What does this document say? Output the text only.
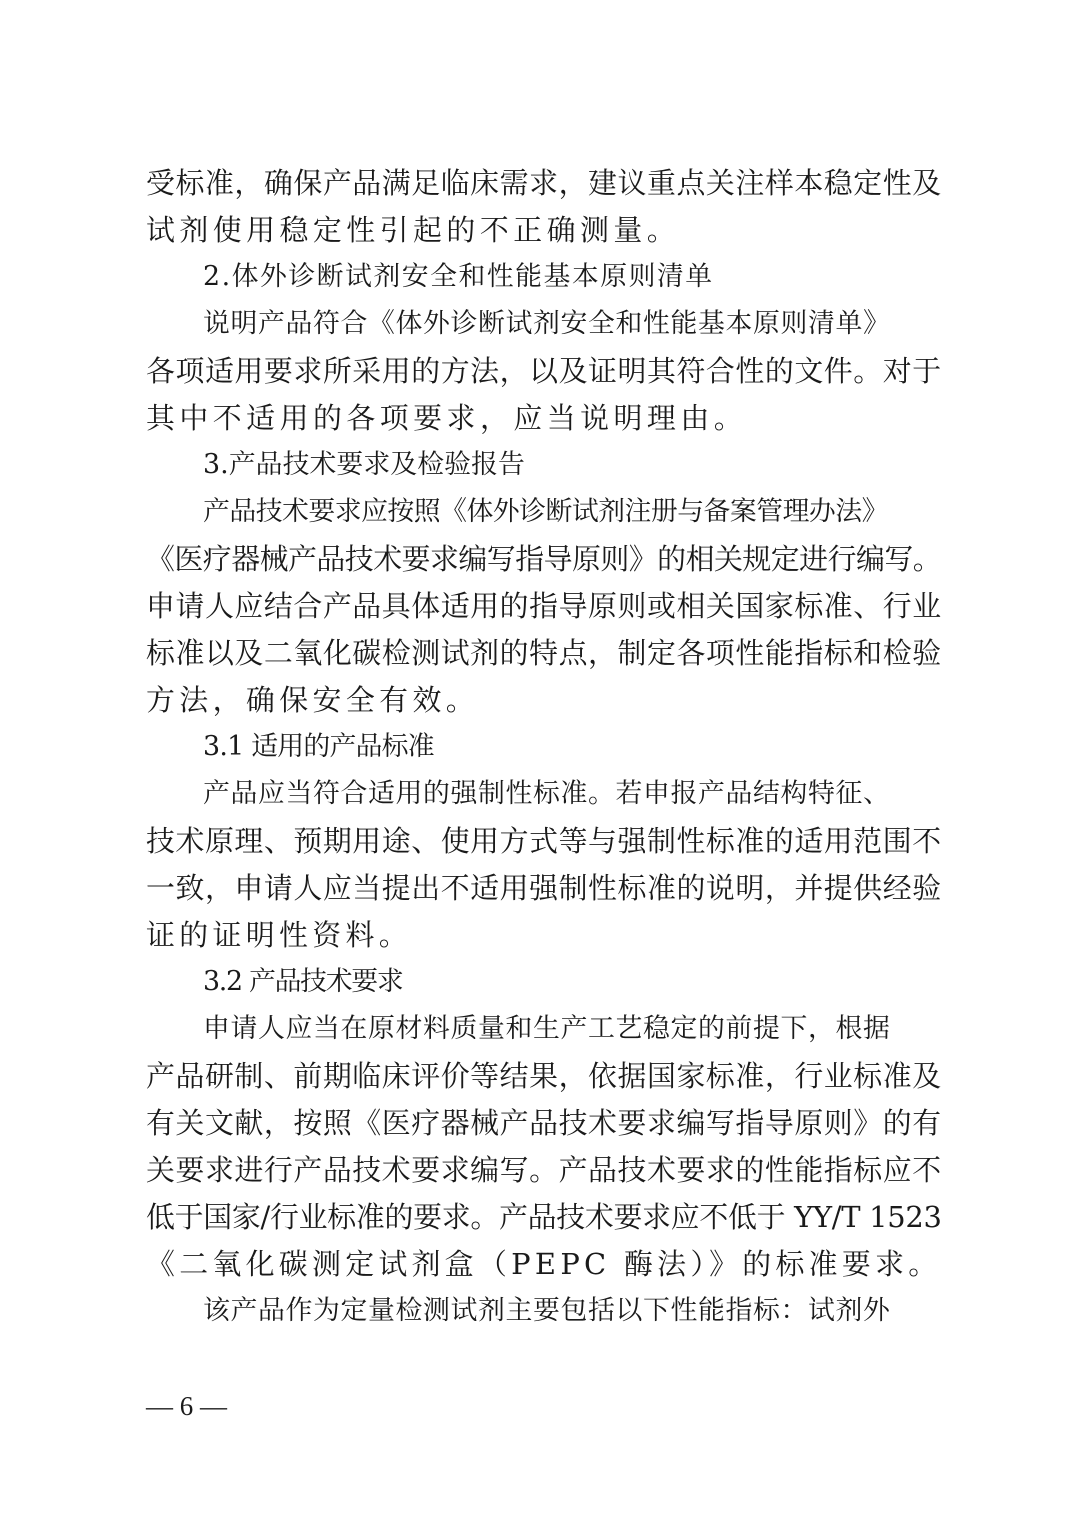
受标准，确保产品满足临床需求，建议重点关注样本稳定性及
试剂使用稳定性引起的不正确测量。
2.体外诊断试剂安全和性能基本原则清单
说明产品符合《体外诊断试剂安全和性能基本原则清单》
各项适用要求所采用的方法，以及证明其符合性的文件。对于
其中不适用的各项要求，应当说明理由。
3.产品技术要求及检验报告
产品技术要求应按照《体外诊断试剂注册与备案管理办法》
《医疗器械产品技术要求编写指导原则》的相关规定进行编写。
申请人应结合产品具体适用的指导原则或相关国家标准、行业
标准以及二氧化碳检测试剂的特点，制定各项性能指标和检验
方法，确保安全有效。
3.1 适用的产品标准
产品应当符合适用的强制性标准。若申报产品结构特征、
技术原理、预期用途、使用方式等与强制性标准的适用范围不
一致，申请人应当提出不适用强制性标准的说明，并提供经验
证的证明性资料。
3.2 产品技术要求
申请人应当在原材料质量和生产工艺稳定的前提下，根据
产品研制、前期临床评价等结果，依据国家标准，行业标准及
有关文献，按照《医疗器械产品技术要求编写指导原则》的有
关要求进行产品技术要求编写。产品技术要求的性能指标应不
低于国家/行业标准的要求。产品技术要求应不低于 YY/T 1523
《二氧化碳测定试剂盒（PEPC 酶法）》的标准要求。
该产品作为定量检测试剂主要包括以下性能指标：试剂外
— 6 —
